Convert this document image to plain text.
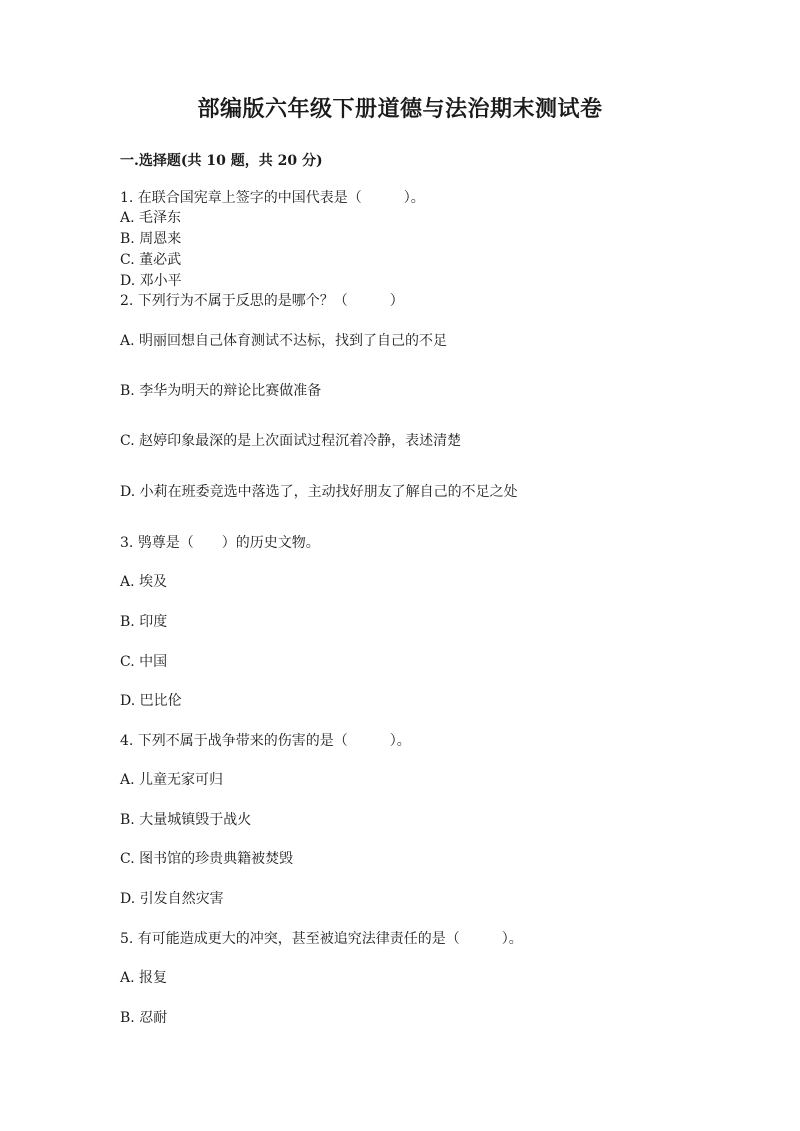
部编版六年级下册道德与法治期末测试卷
一.选择题(共 10 题，共 20 分)
1. 在联合国宪章上签字的中国代表是（　　　）。
A. 毛泽东
B. 周恩来
C. 董必武
D. 邓小平
2. 下列行为不属于反思的是哪个？（　　　）
A. 明丽回想自己体育测试不达标，找到了自己的不足
B. 李华为明天的辩论比赛做准备
C. 赵婷印象最深的是上次面试过程沉着冷静，表述清楚
D. 小莉在班委竞选中落选了，主动找好朋友了解自己的不足之处
3. 鸮尊是（　　）的历史文物。
A. 埃及
B. 印度
C. 中国
D. 巴比伦
4. 下列不属于战争带来的伤害的是（　　　）。
A. 儿童无家可归
B. 大量城镇毁于战火
C. 图书馆的珍贵典籍被焚毁
D. 引发自然灾害
5. 有可能造成更大的冲突，甚至被追究法律责任的是（　　　）。
A. 报复
B. 忍耐
